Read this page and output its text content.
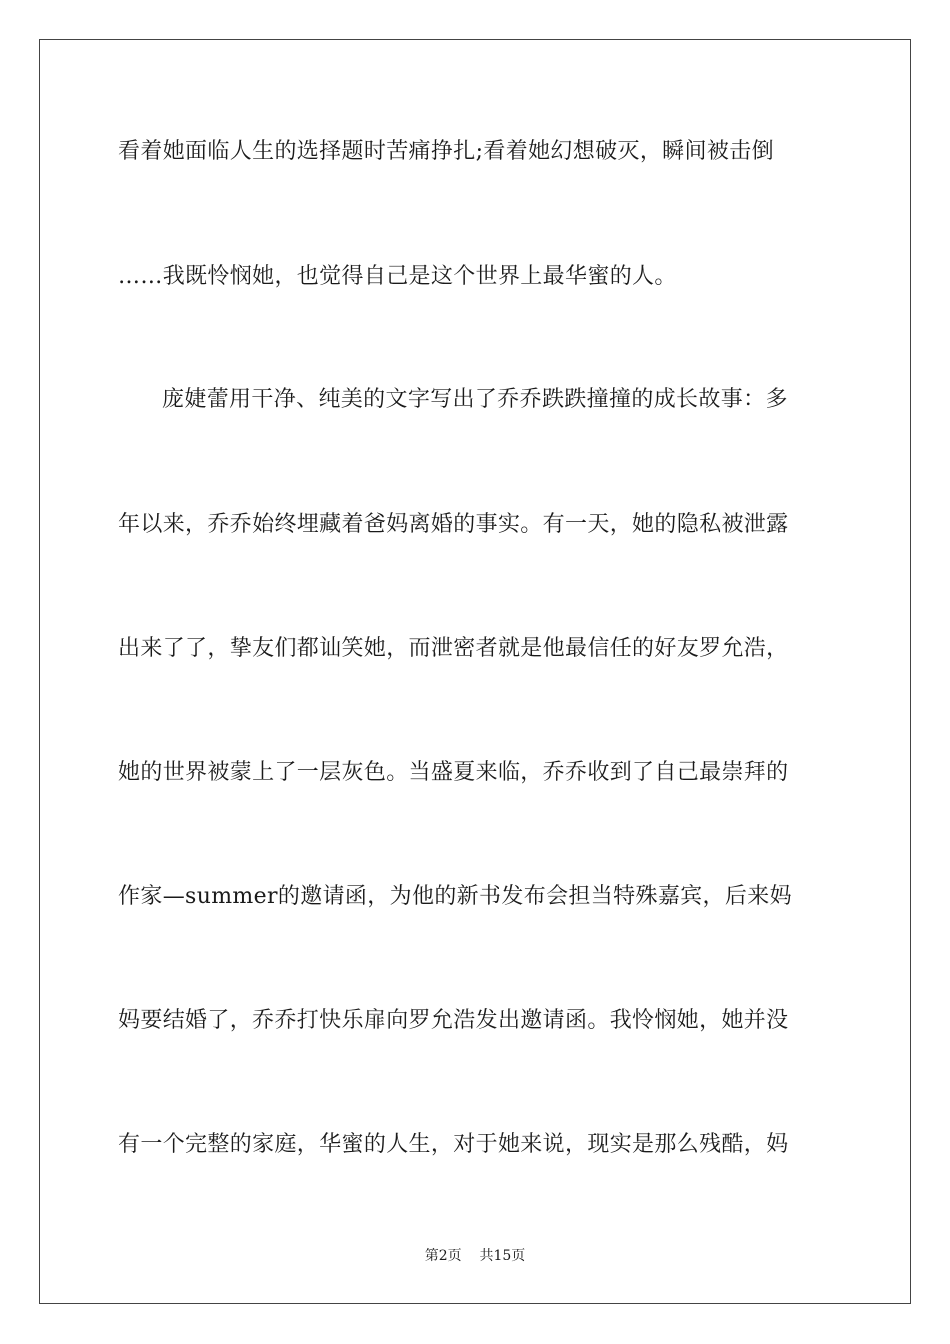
看着她面临人生的选择题时苦痛挣扎;看着她幻想破灭，瞬间被击倒
……我既怜悯她，也觉得自己是这个世界上最华蜜的人。
庞婕蕾用干净、纯美的文字写出了乔乔跌跌撞撞的成长故事：多
年以来，乔乔始终埋藏着爸妈离婚的事实。有一天，她的隐私被泄露
出来了了，挚友们都讪笑她，而泄密者就是他最信任的好友罗允浩，
她的世界被蒙上了一层灰色。当盛夏来临，乔乔收到了自己最崇拜的
作家—summer的邀请函，为他的新书发布会担当特殊嘉宾，后来妈
妈要结婚了，乔乔打快乐扉向罗允浩发出邀请函。我怜悯她，她并没
有一个完整的家庭，华蜜的人生，对于她来说，现实是那么残酷，妈
第2页 共15页
